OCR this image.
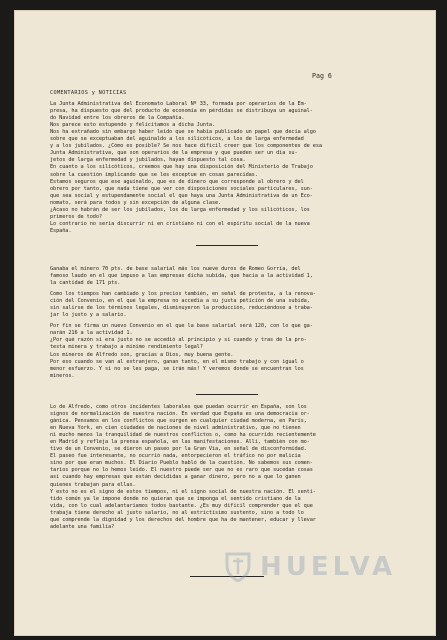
Pag 6
COMENTARIOS y NOTICIAS
La Junta Administrativa del Economato Laboral Nº 33, formada por operarios de la Em-
presa, ha dispuesto que del producto de economía en pérdidas se distribuya un aguinal-
do Navidad entre los obreros de la Compañía.
Nos parece esto estupendo y felicitamos a dicha Junta.
Nos ha extrañado sin embargo haber leído que se había publicado un papel que decía algo
sobre que se exceptuaban del aguinaldo a los silicóticos, a los de larga enfermedad
y a los jubilados. ¿Cómo es posible? Se nos hace difícil creer que los componentes de esa
Junta Administrativa, que son operarios de la empresa y que pueden ser un día su-
jetos de larga enfermedad y jubilados, hayan dispuesto tal cosa.
En cuanto a los silicóticos, creemos que hay una disposición del Ministerio de Trabajo
sobre la cuestión implicando que se les exceptue en cosas parecidas.
Estamos seguros que ese aguinaldo, que es de dinero que corresponde al obrero y del
obrero por tanto, que nada tiene que ver con disposiciones sociales particulares, sun-
que sea social y estupendamente social el que haya una Junta Administrativa de un Eco-
nomato, será para todos y sin excepción de alguna clase.
¿Acaso no habrán de ser los jubilados, los de larga enfermedad y los silicóticos, los
primeros de todo?
Lo contrario no sería discurrir ni en cristiano ni con el espíritu social de la nueva
España.
Ganaba el minero 70 pts. de base salarial más los nueve duros de Romeo Gorría, del
famoso laudo en el que impuso a las empresas dicha subida, que hacía a la actividad 1,
la cantidad de 171 pts.
Como los tiempos han cambiado y los precios también, en señal de protesta, a la renova-
ción del Convenio, en el que la empresa no accedía a su justa petición de una subida,
sin salirse de los términos legales, disminuyeron la producción, reduciéndose a traba-
jar lo justo y a salario.
Por fin se firma un nuevo Convenio en el que la base salarial será 120, con lo que ga-
narán 216 a la actividad 1.
¿Por qué razón si era justo no se accedió al principio y sí cuando y tras de la pro-
testa minera y trabajo a mínimo rendimiento legal?
Los mineros de Alfredo son, gracias a Dios, muy buena gente.
Por eso cuando se van al extranjero, ganan tanto, en el mismo trabajo y con igual o
menor esfuerzo. Y si no se les paga, se irán más! Y veremos donde se encuentran los
mineros.
Lo de Alfredo, como otros incidentes laborales que puedan ocurrir en España, son los
signos de normalización de nuestra nación. En verdad que España es una democracia or-
gánica. Pensamos en los conflictos que surgen en cualquier ciudad moderna, en París,
en Nueva York, en cien ciudades de naciones de nivel administrativo, que no tienen
ni mucho menos la tranquilidad de nuestros conflictos o, como ha ocurrido recientemente
en Madrid y refleja la prensa española, en las manifestaciones. Allí, también con mo-
tivo de un Convenio, se dieron un paseo por la Gran Vía, en señal de disconformidad.
El paseo fue interesante, no ocurrió nada, entorpecieron el tráfico no por malicia
sino por que eran muchos. El Diario Pueblo habló de la cuestión. No sabemos sus comen-
tarios porque no lo hemos leído. El nuestro puede ser que no es raro que sucedan cosas
así cuando hay empresas que están decididas a ganar dinero, pero no a que lo ganen
quienes trabajan para ellas.
Y esto no es el signo de estos tiempos, ni el signo social de nuestra nación. El senti-
tido común ya le impone donde no quieran que se imponga el sentido cristiano de la
vida, con lo cual adelantaríamos todos bastante. ¿Es muy difícil comprender que el que
trabaja tiene derecho al justo salario, no al estrictisimo sustento, sino a todo lo
que comprende la dignidad y los derechos del hombre que ha de mantener, educar y llevar
adelante una familia?
HUELVA
